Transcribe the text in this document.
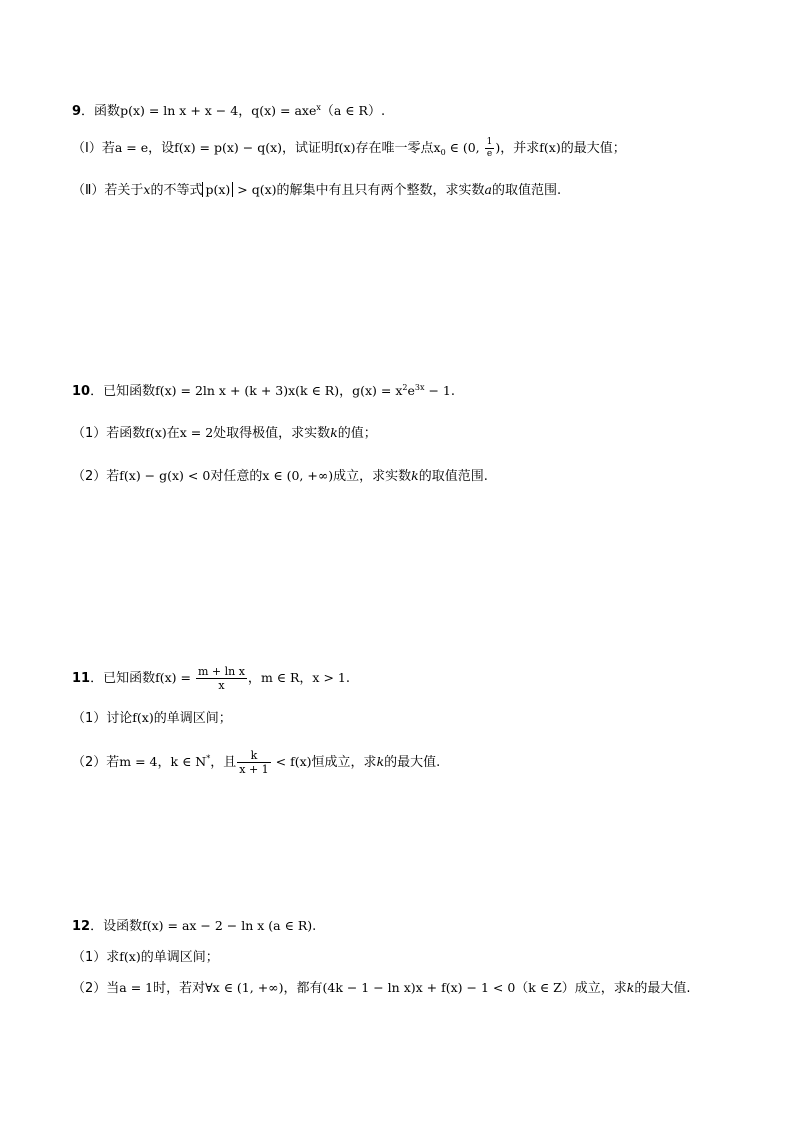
9．函数p(x) = ln x + x − 4，q(x) = axe$^x$（a ∈ R）.
（Ⅰ）若a = e，设f(x) = p(x) − q(x)，试证明f(x)存在唯一零点$x_0$ ∈ (0, $\frac{1}{e}$ )，并求f(x)的最大值；
（Ⅱ）若关于x的不等式 p(x) > q(x)的解集中有且只有两个整数，求实数a的取值范围.
10．已知函数f(x) = 2ln x + (k + 3)x(k ∈ R)，$g(x) = x^2e^{3x} - 1$.
（1）若函数f(x)在x = 2处取得极值，求实数k的值；
（2）若f(x) − g(x) < 0对任意的x ∈ (0, +∞)成立，求实数k的取值范围.
11．已知函数$f(x) = \frac{\text{m + ln x}}{x}$ ，m ∈ R，x > 1.
（1）讨论f(x)的单调区间；
（2）若m = 4，k ∈ N*，且 $\frac{k}{x + 1} < f(x)$恒成立，求k的最大值.
12．设函数f(x) = ax − 2 − ln x (a ∈ R).
（1）求f(x)的单调区间；
（2）当a = 1时，若对∀x ∈ (1, +∞)，都有(4k − 1 − ln x)x + f(x) − 1 < 0（k ∈ Z）成立，求k的最大值.
